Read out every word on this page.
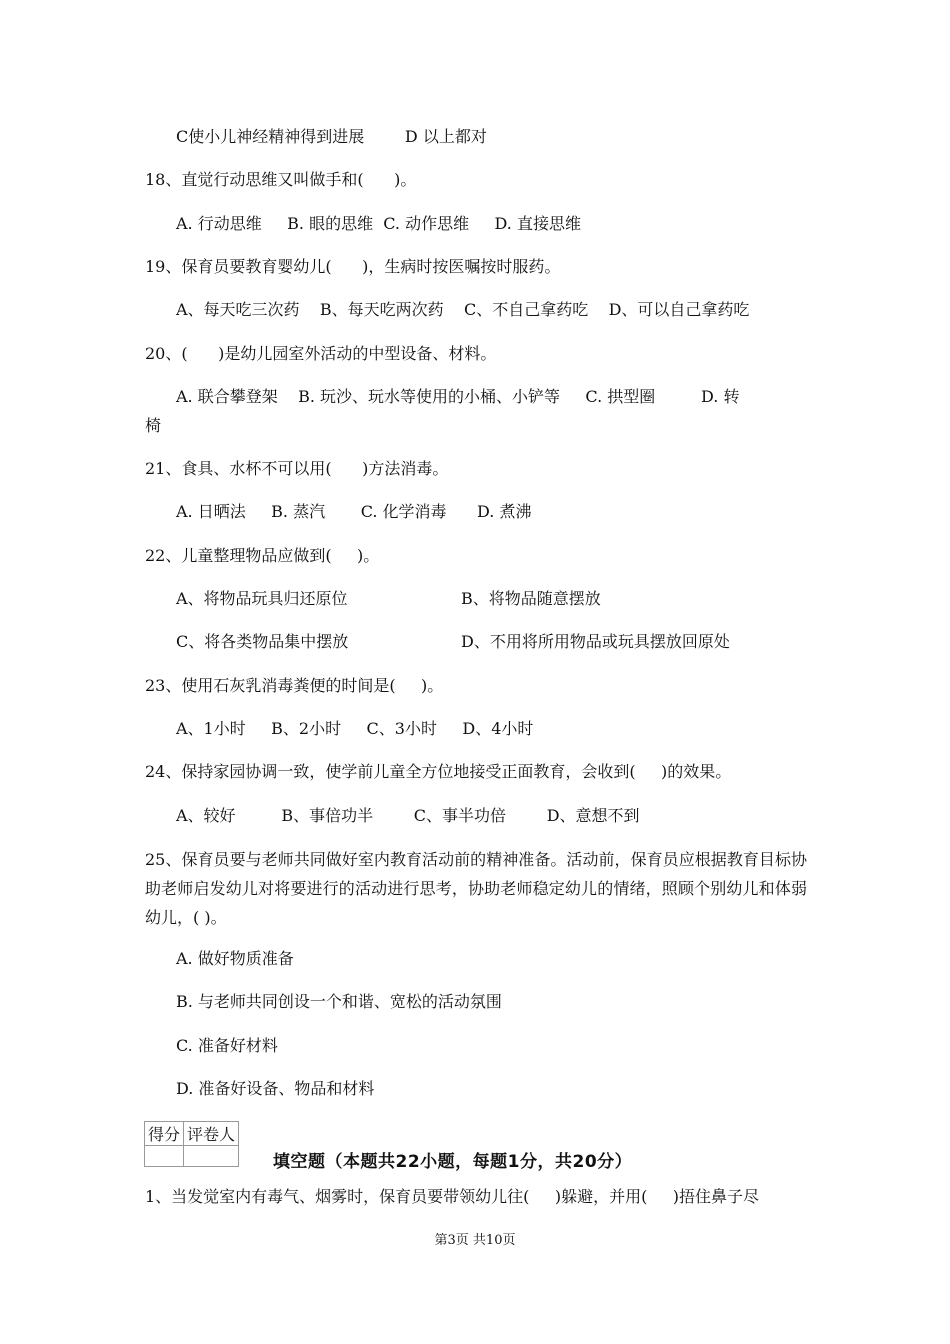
C使小儿神经精神得到进展        D 以上都对
18、直觉行动思维又叫做手和(      )。
A. 行动思维     B. 眼的思维  C. 动作思维     D. 直接思维
19、保育员要教育婴幼儿(      )，生病时按医嘱按时服药。
A、每天吃三次药    B、每天吃两次药    C、不自己拿药吃    D、可以自己拿药吃
20、(      )是幼儿园室外活动的中型设备、材料。
A. 联合攀登架    B. 玩沙、玩水等使用的小桶、小铲等     C. 拱型圈         D. 转
椅
21、食具、水杯不可以用(      )方法消毒。
A. 日晒法     B. 蒸汽       C. 化学消毒      D. 煮沸
22、儿童整理物品应做到(     )。
A、将物品玩具归还原位	B、将物品随意摆放
C、将各类物品集中摆放	D、不用将所用物品或玩具摆放回原处
23、使用石灰乳消毒粪便的时间是(     )。
A、1小时     B、2小时     C、3小时     D、4小时
24、保持家园协调一致，使学前儿童全方位地接受正面教育，会收到(     )的效果。
A、较好         B、事倍功半        C、事半功倍        D、意想不到
25、保育员要与老师共同做好室内教育活动前的精神准备。活动前，保育员应根据教育目标协助老师启发幼儿对将要进行的活动进行思考，协助老师稳定幼儿的情绪，照顾个别幼儿和体弱幼儿，( )。
A. 做好物质准备
B. 与老师共同创设一个和谐、宽松的活动氛围
C. 准备好材料
D. 准备好设备、物品和材料
得分	评卷人

填空题（本题共22小题，每题1分，共20分）
1、当发觉室内有毒气、烟雾时，保育员要带领幼儿往(     )躲避，并用(     )捂住鼻子尽
第3页 共10页
